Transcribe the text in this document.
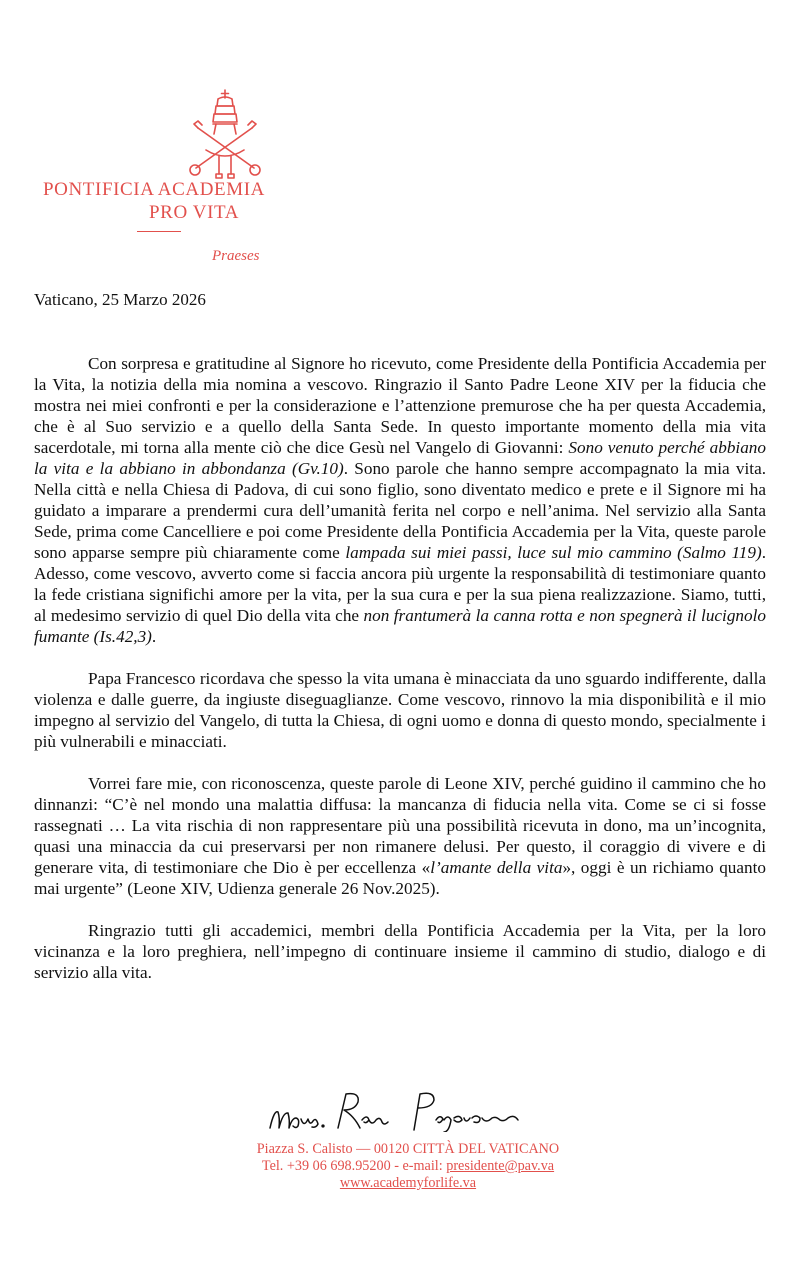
PONTIFICIA ACADEMIA
PRO VITA
Praeses
Vaticano, 25 Marzo 2026

Con sorpresa e gratitudine al Signore ho ricevuto, come Presidente della Pontificia Accademia per la Vita, la notizia della mia nomina a vescovo. Ringrazio il Santo Padre Leone XIV per la fiducia che mostra nei miei confronti e per la considerazione e l’attenzione premurose che ha per questa Accademia, che è al Suo servizio e a quello della Santa Sede. In questo importante momento della mia vita sacerdotale, mi torna alla mente ciò che dice Gesù nel Vangelo di Giovanni: Sono venuto perché abbiano la vita e la abbiano in abbondanza (Gv.10). Sono parole che hanno sempre accompagnato la mia vita. Nella città e nella Chiesa di Padova, di cui sono figlio, sono diventato medico e prete e il Signore mi ha guidato a imparare a prendermi cura dell’umanità ferita nel corpo e nell’anima. Nel servizio alla Santa Sede, prima come Cancelliere e poi come Presidente della Pontificia Accademia per la Vita, queste parole sono apparse sempre più chiaramente come lampada sui miei passi, luce sul mio cammino (Salmo 119). Adesso, come vescovo, avverto come si faccia ancora più urgente la responsabilità di testimoniare quanto la fede cristiana significhi amore per la vita, per la sua cura e per la sua piena realizzazione. Siamo, tutti, al medesimo servizio di quel Dio della vita che non frantumerà la canna rotta e non spegnerà il lucignolo fumante (Is.42,3).

Papa Francesco ricordava che spesso la vita umana è minacciata da uno sguardo indifferente, dalla violenza e dalle guerre, da ingiuste diseguaglianze. Come vescovo, rinnovo la mia disponibilità e il mio impegno al servizio del Vangelo, di tutta la Chiesa, di ogni uomo e donna di questo mondo, specialmente i più vulnerabili e minacciati.

Vorrei fare mie, con riconoscenza, queste parole di Leone XIV, perché guidino il cammino che ho dinnanzi: “C’è nel mondo una malattia diffusa: la mancanza di fiducia nella vita. Come se ci si fosse rassegnati … La vita rischia di non rappresentare più una possibilità ricevuta in dono, ma un’incognita, quasi una minaccia da cui preservarsi per non rimanere delusi. Per questo, il coraggio di vivere e di generare vita, di testimoniare che Dio è per eccellenza «l’amante della vita», oggi è un richiamo quanto mai urgente” (Leone XIV, Udienza generale 26 Nov.2025).

Ringrazio tutti gli accademici, membri della Pontificia Accademia per la Vita, per la loro vicinanza e la loro preghiera, nell’impegno di continuare insieme il cammino di studio, dialogo e di servizio alla vita.

Piazza S. Calisto — 00120 CITTÀ DEL VATICANO
Tel. +39 06 698.95200 - e-mail: presidente@pav.va
www.academyforlife.va
